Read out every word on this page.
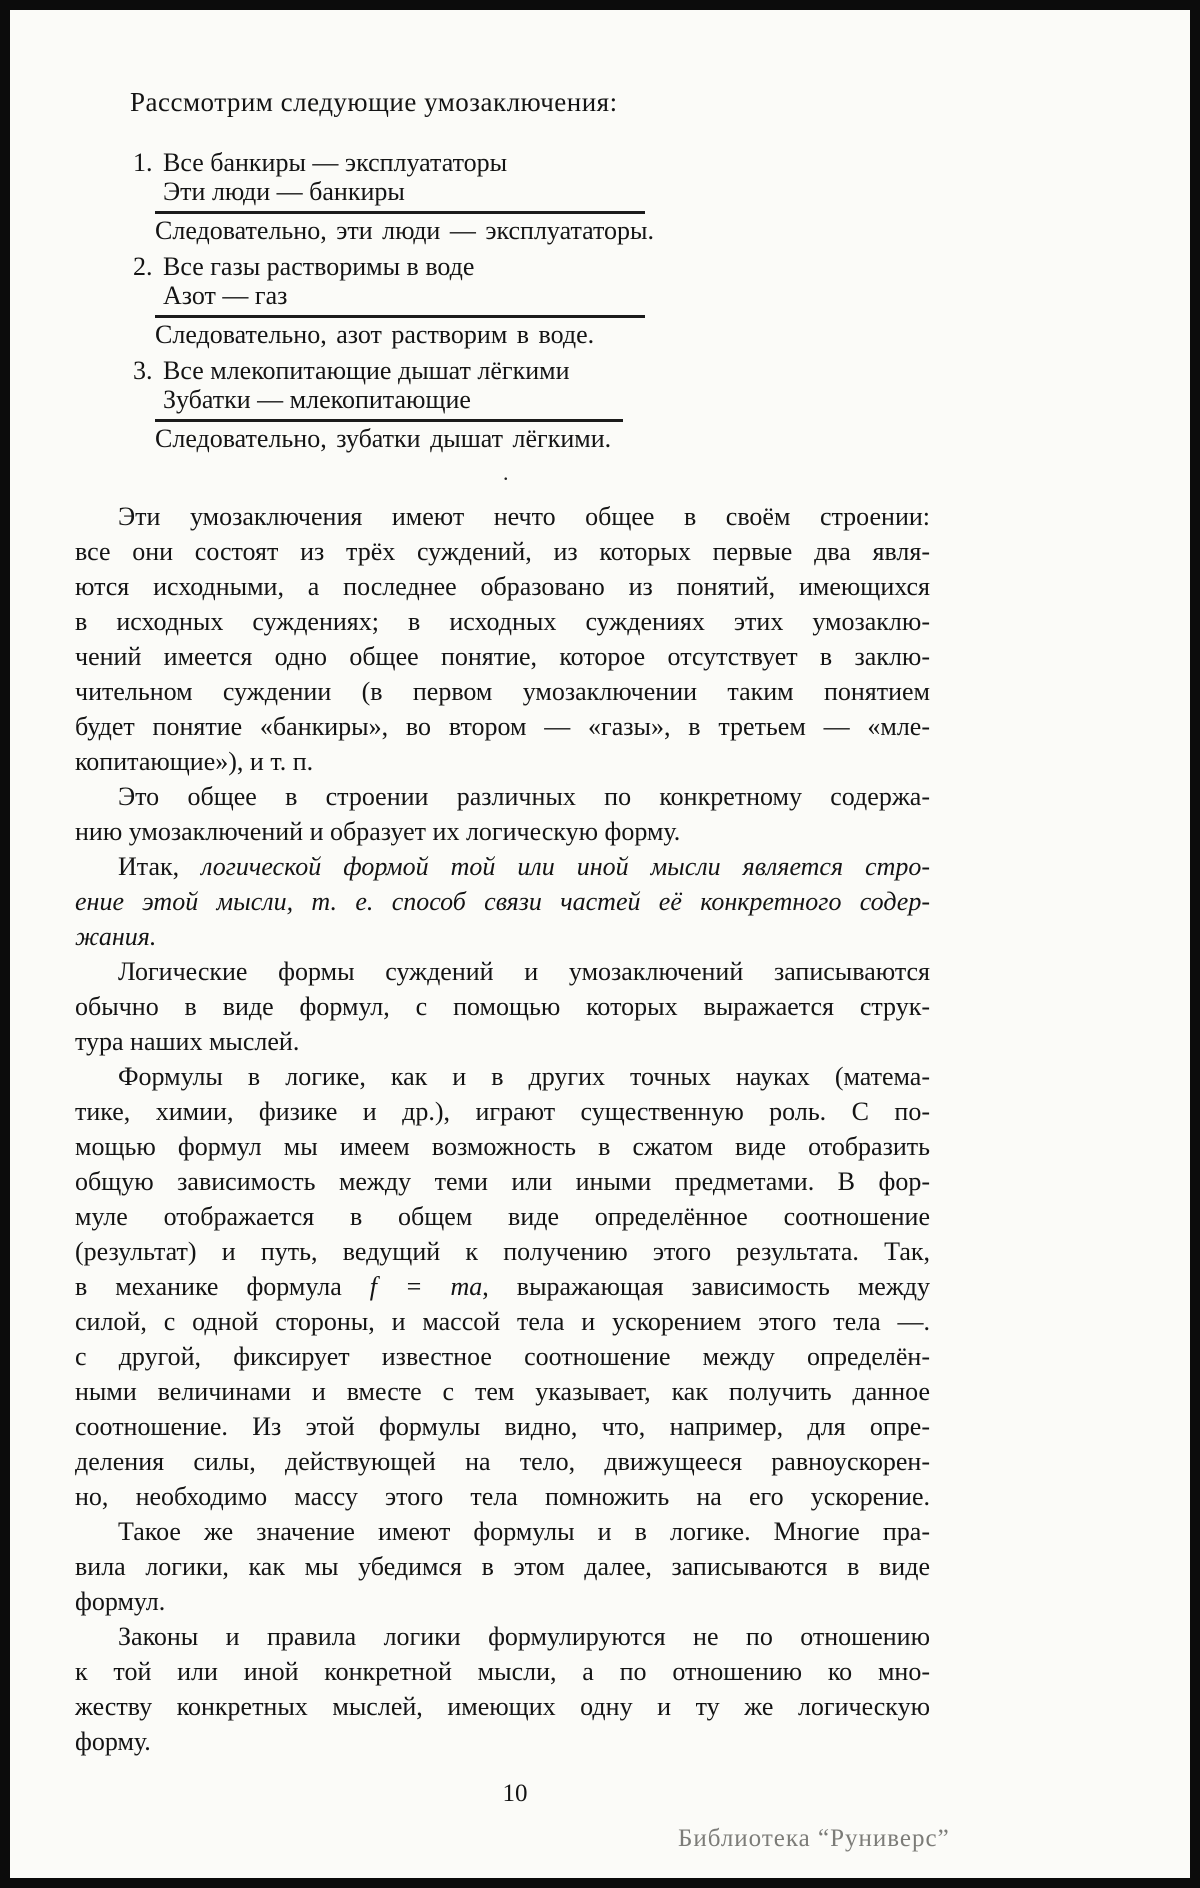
Рассмотрим следующие умозаключения:
1. Все банкиры — эксплуататоры
Эти люди — банкиры
Следовательно, эти люди — эксплуататоры.
2. Все газы растворимы в воде
Азот — газ
Следовательно, азот растворим в воде.
3. Все млекопитающие дышат лёгкими
Зубатки — млекопитающие
Следовательно, зубатки дышат лёгкими.
.
Эти умозаключения имеют нечто общее в своём строении:
все они состоят из трёх суждений, из которых первые два явля-
ются исходными, а последнее образовано из понятий, имеющихся
в исходных суждениях; в исходных суждениях этих умозаклю-
чений имеется одно общее понятие, которое отсутствует в заклю-
чительном суждении (в первом умозаключении таким понятием
будет понятие «банкиры», во втором — «газы», в третьем — «мле-
копитающие»), и т. п.
Это общее в строении различных по конкретному содержа-
нию умозаключений и образует их логическую форму.
Итак, логической формой той или иной мысли является стро-
ение этой мысли, т. е. способ связи частей её конкретного содер-
жания.
Логические формы суждений и умозаключений записываются
обычно в виде формул, с помощью которых выражается струк-
тура наших мыслей.
Формулы в логике, как и в других точных науках (матема-
тике, химии, физике и др.), играют существенную роль. С по-
мощью формул мы имеем возможность в сжатом виде отобразить
общую зависимость между теми или иными предметами. В фор-
муле отображается в общем виде определённое соотношение
(результат) и путь, ведущий к получению этого результата. Так,
в механике формула f = ma, выражающая зависимость между
силой, с одной стороны, и массой тела и ускорением этого тела —.
с другой, фиксирует известное соотношение между определён-
ными величинами и вместе с тем указывает, как получить данное
соотношение. Из этой формулы видно, что, например, для опре-
деления силы, действующей на тело, движущееся равноускорен-
но, необходимо массу этого тела помножить на его ускорение.
Такое же значение имеют формулы и в логике. Многие пра-
вила логики, как мы убедимся в этом далее, записываются в виде
формул.
Законы и правила логики формулируются не по отношению
к той или иной конкретной мысли, а по отношению ко мно-
жеству конкретных мыслей, имеющих одну и ту же логическую
форму.
10
Библиотека “Руниверс”
